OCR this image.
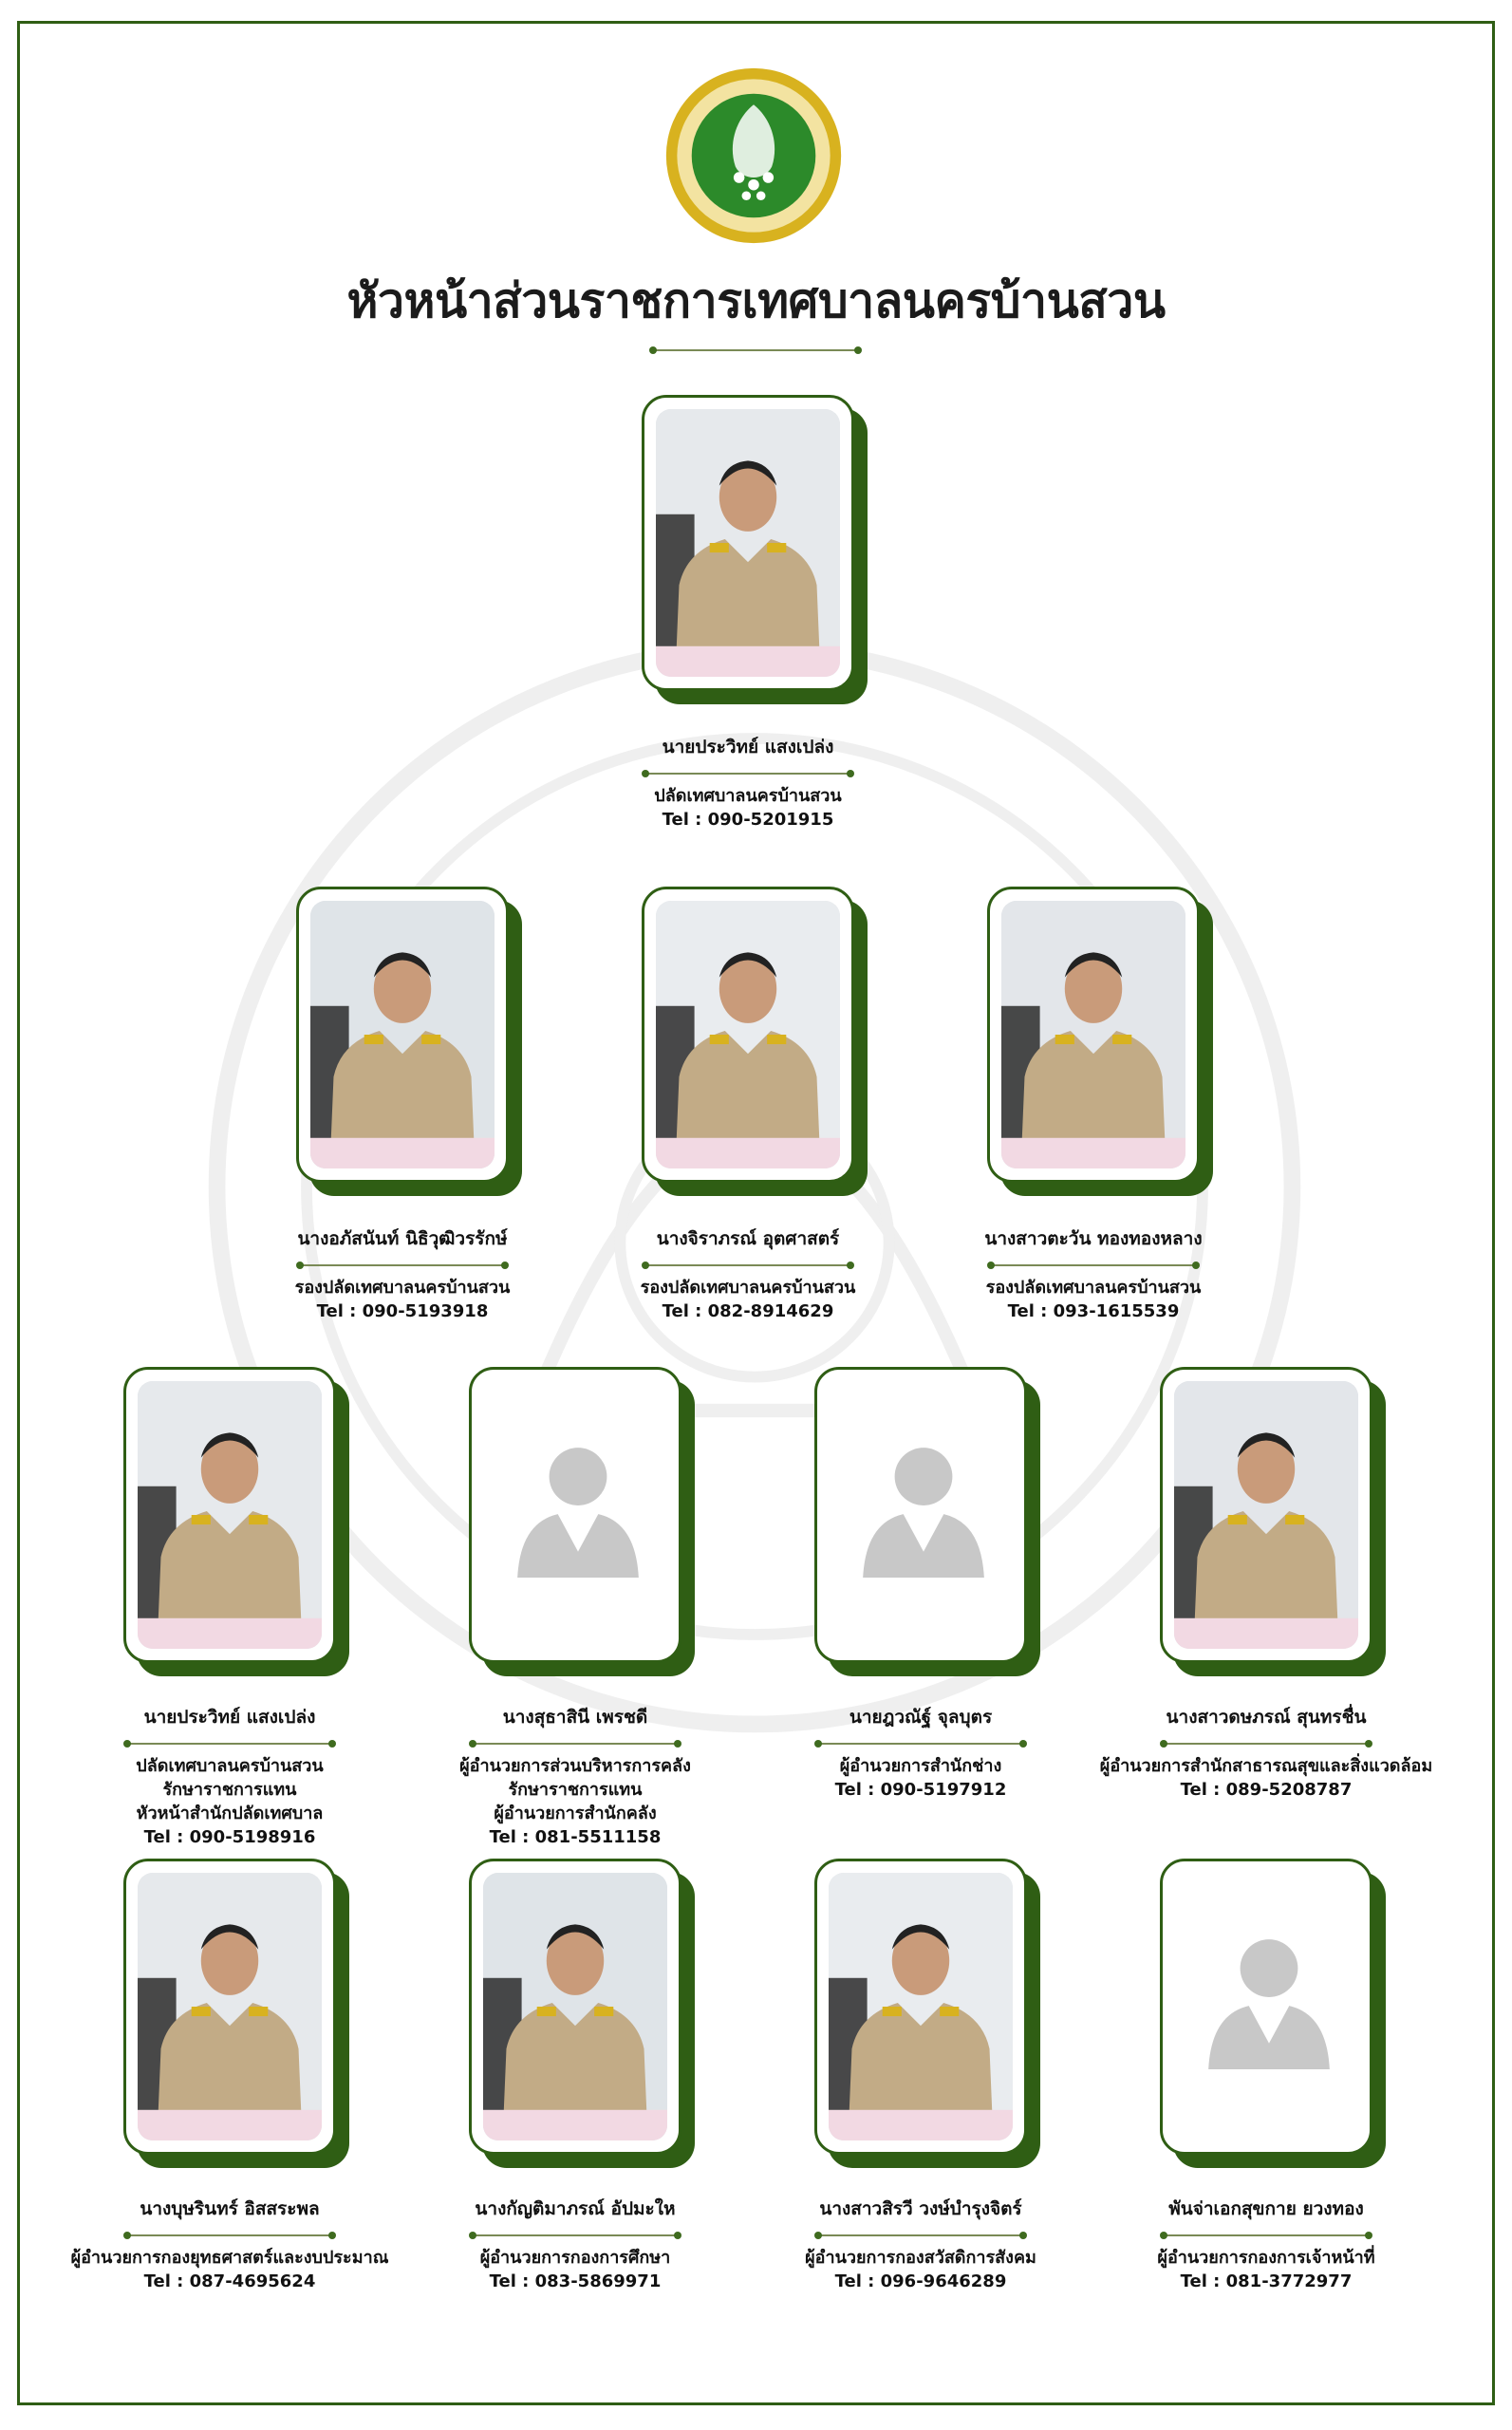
หัวหน้าส่วนราชการเทศบาลนครบ้านสวน
นายประวิทย์ แสงเปล่ง
ปลัดเทศบาลนครบ้านสวน
Tel : 090-5201915
นางอภัสนันท์ นิธิวุฒิวรรักษ์
รองปลัดเทศบาลนครบ้านสวน
Tel : 090-5193918
นางจิราภรณ์ อุตศาสตร์
รองปลัดเทศบาลนครบ้านสวน
Tel : 082-8914629
นางสาวตะวัน ทองทองหลาง
รองปลัดเทศบาลนครบ้านสวน
Tel : 093-1615539
นายประวิทย์ แสงเปล่ง
ปลัดเทศบาลนครบ้านสวน
รักษาราชการแทน
หัวหน้าสำนักปลัดเทศบาล
Tel : 090-5198916
นางสุธาสินี เพรชดี
ผู้อำนวยการส่วนบริหารการคลัง
รักษาราชการแทน
ผู้อำนวยการสำนักคลัง
Tel : 081-5511158
นายฎวณัฐ์ จุลบุตร
ผู้อำนวยการสำนักช่าง
Tel : 090-5197912
นางสาวดษภรณ์ สุนทรชื่น
ผู้อำนวยการสำนักสาธารณสุขและสิ่งแวดล้อม
Tel : 089-5208787
นางบุษรินทร์ อิสสระพล
ผู้อำนวยการกองยุทธศาสตร์และงบประมาณ
Tel : 087-4695624
นางกัญติมาภรณ์ อัปมะให
ผู้อำนวยการกองการศึกษา
Tel : 083-5869971
นางสาวสิรวี วงษ์บำรุงจิตร์
ผู้อำนวยการกองสวัสดิการสังคม
Tel : 096-9646289
พันจ่าเอกสุขกาย ยวงทอง
ผู้อำนวยการกองการเจ้าหน้าที่
Tel : 081-3772977
